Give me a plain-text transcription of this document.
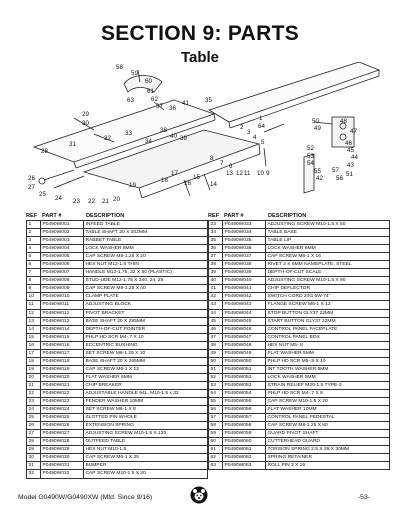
SECTION 9: PARTS
Table
58
59
60
61
62
63
37 36
41	35
1	50	48
49	47
2
3
4
5
52
53
54
46
45
43
44
55 57
42
29
30
31
28
32
33
34
38
40 39
26
27
25
24 23 22 21 20
19
18
17
16
15
14
13 12 11 10 9
8
7 6
56
51
64
REF PART #	DESCRIPTION
1	P0490W001	INFEED TABLE
2	P0490W002	TABLE SHAFT 20 X 202MM
3	P0490W003	RABBET TABLE
4	P0490W004	LOCK WASHER 8MM
5	P0490W005	CAP SCREW M8-1.25 X 20
6	P0490W006	HEX NUT M12-1.5 THIN
7	P0490W007	HANDLE M12-1.75, 32 X 80 (PLASTIC)
8	P0490W008	STUD-UDE M12-1.75 X 340, 24, 28
9	P0490W009	CAP SCREW M8-1.25 X 40
10	P0490W010	CLAMP PLATE
11	P0490W011	ADJUSTING BLOCK
12	P0490W012	PIVOT BRACKET
13	P0490W013	BASE SHAFT 20 X 285MM
14	P0490W014	DEPTH-OF-CUT POINTER
15	P0490W015	PHLP HD SCR M4-.7 X 10
16	P0490W016	ECCENTRIC BUSHING
17	P0490W017	SET SCREW M8-1.25 X 10
18	P0490W018	BASE SHAFT 20 X 265MM
19	P0490W019	CAP SCREW M6-1 X 12
20	P0490W020	FLAT WASHER 6MM
21	P0490W021	CHIP BREAKER
22	P0490W022	ADJUSTABLE HANDLE 94L, M10-1.5 x 32
23	P0490W023	FENDER WASHER 10MM
24	P0490W024	SET SCREW M6-1 X 8
25	P0490W025	SLOTTED PIN WHOLE
26	P0490W026	EXTENSION SPRING
27	P0490W027	ADJUSTING SCREW M10-1.5 X 120
28	P0490W028	OUTFEED TABLE
29	P0490W029	HEX NUT M10-1.5
30	P0490W030	CAP SCREW M6-1 X 25
31	P0490W031	BUMPER
32	P0490W032	CAP SCREW M10-1.5 X 30
REF PART #	DESCRIPTION
33	P0490W033	ADJUSTING SCREW M10-1.5 X 50
34	P0490W034	TABLE BASE
35	P0490W035	TABLE LIP
36	P0490W036	LOCK WASHER 6MM
37	P0490W037	CAP SCREW M6-1 X 16
38	P0490W038	RIVET 2 X 6MM NAMEPLATE, STEEL
39	P0490W039	DEPTH-OF-CUT SCALE
40	P0490W040	ADJUSTING SCREW M10-1.5 X 90
41	P0490W041	CHIP DEFLECTOR
42	P0490W042	SWITCH CORD 20G 5W 74"
43	P0490W043	FLANGE SCREW M6-1 X 12
44	P0490W044	STOP BUTTON GLY37 22MM
45	P0490W045	START BUTTON GLY37 22MM
46	P0490W046	CONTROL PANEL FACEPLATE
47	P0490W047	CONTROL PANEL BOX
48	P0490W048	HEX NUT M5-.8
49	P0490W049	FLAT WASHER 5MM
50	P0490W050	PHLP HD SCR M5-.8 X 10
51	P0490W051	INT TOOTH WASHER 5MM
52	P0490W052	LOCK WASHER 5MM
53	P0490W053	STRAIN RELIEF M20-1.5 TYPE-3
54	P0490W054	PHLP HD SCR M4-.7 X 8
55	P0490W055	CAP SCREW M10-1.5 X 20
56	P0490W056	FLAT WASHER 10MM
57	P0490W057	CONTROL PANEL PEDESTAL
58	P0490W058	CAP SCREW M8-1.25 X 80
59	P0490W059	GUARD PIVOT SHAFT
60	P0490W060	CUTTERHEAD GUARD
61	P0490W061	TORSION SPRING 2.5 X 26 X 30MM
62	P0490W062	SPRING RETAINER
63	P0490W063	ROLL PIN 3 X 16
Model G0490W/G0490XW (Mfd. Since 9/16)	-53-
